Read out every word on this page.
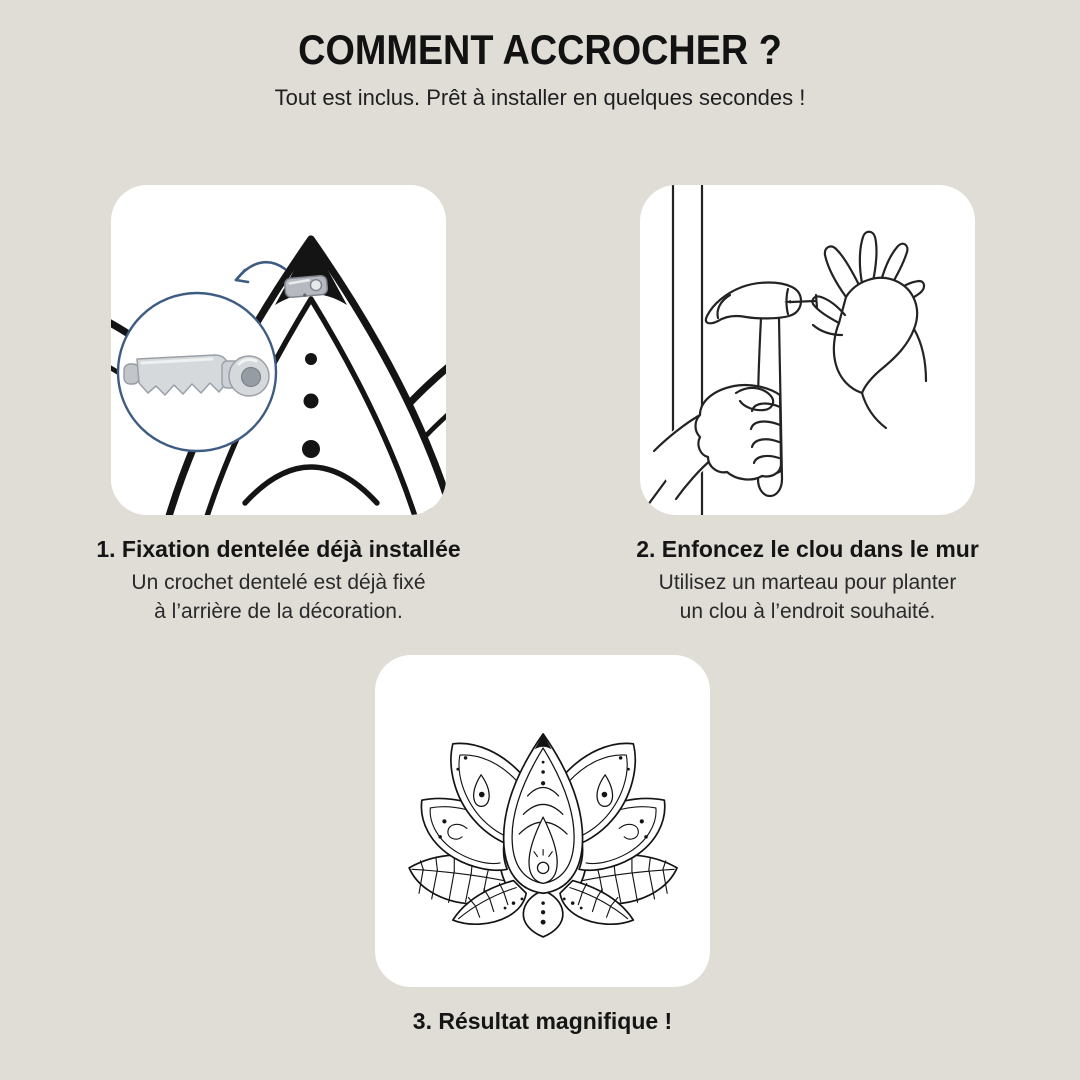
COMMENT ACCROCHER ?

Tout est inclus. Prêt à installer en quelques secondes !

1. Fixation dentelée déjà installée

Un crochet dentelé est déjà fixé
à l’arrière de la décoration.

2. Enfoncez le clou dans le mur

Utilisez un marteau pour planter
un clou à l’endroit souhaité.

3. Résultat magnifique !
